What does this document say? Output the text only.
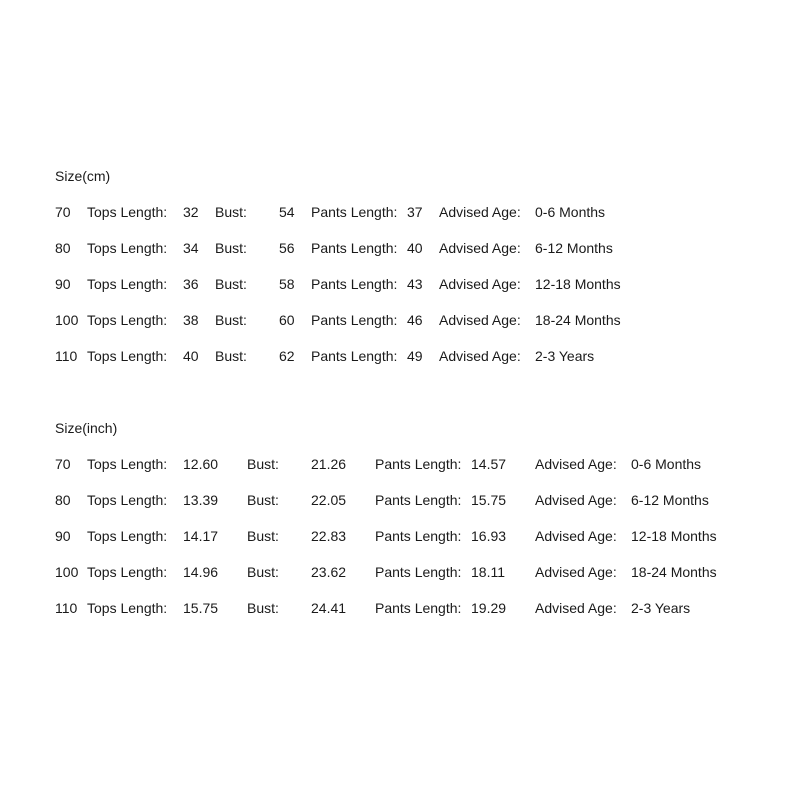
Size(cm)
70 Tops Length: 32 Bust: 54 Pants Length: 37 Advised Age: 0-6 Months
80 Tops Length: 34 Bust: 56 Pants Length: 40 Advised Age: 6-12 Months
90 Tops Length: 36 Bust: 58 Pants Length: 43 Advised Age: 12-18 Months
100 Tops Length: 38 Bust: 60 Pants Length: 46 Advised Age: 18-24 Months
110 Tops Length: 40 Bust: 62 Pants Length: 49 Advised Age: 2-3 Years
Size(inch)
70 Tops Length: 12.60 Bust: 21.26 Pants Length: 14.57 Advised Age: 0-6 Months
80 Tops Length: 13.39 Bust: 22.05 Pants Length: 15.75 Advised Age: 6-12 Months
90 Tops Length: 14.17 Bust: 22.83 Pants Length: 16.93 Advised Age: 12-18 Months
100 Tops Length: 14.96 Bust: 23.62 Pants Length: 18.11 Advised Age: 18-24 Months
110 Tops Length: 15.75 Bust: 24.41 Pants Length: 19.29 Advised Age: 2-3 Years
